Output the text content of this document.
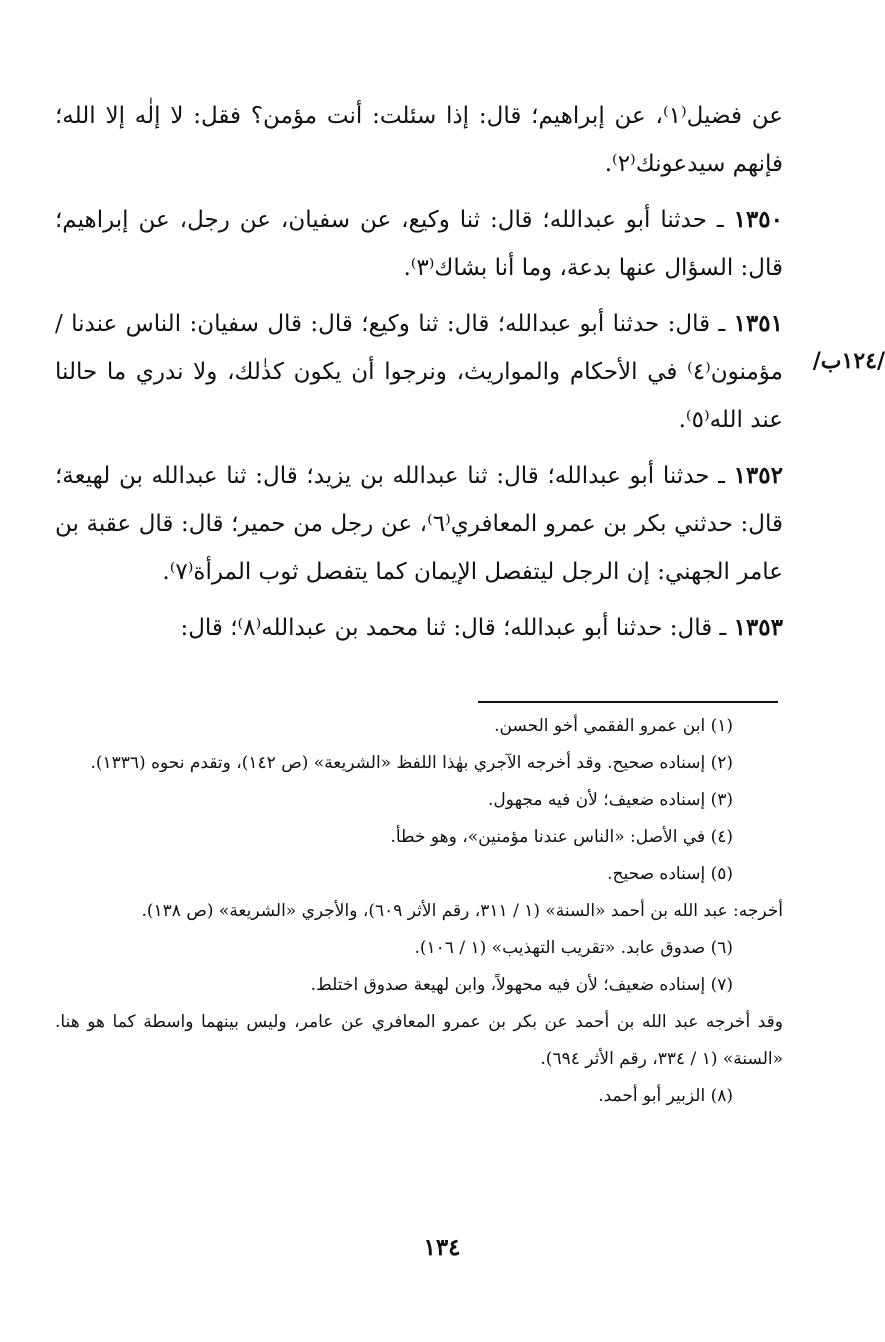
عن فضيل⁽١⁾، عن إبراهيم؛ قال: إذا سئلت: أنت مؤمن؟ فقل: لا إلٰه إلا الله؛ فإنهم سيدعونك⁽٢⁾.

١٣٥٠ ـ حدثنا أبو عبدالله؛ قال: ثنا وكيع، عن سفيان، عن رجل، عن إبراهيم؛ قال: السؤال عنها بدعة، وما أنا بشاك⁽٣⁾.

١٣٥١ ـ قال: حدثنا أبو عبدالله؛ قال: ثنا وكيع؛ قال: قال سفيان: الناس عندنا / مؤمنون⁽٤⁾ في الأحكام والمواريث، ونرجوا أن يكون كذٰلك، ولا ندري ما حالنا عند الله⁽٥⁾.

١٣٥٢ ـ حدثنا أبو عبدالله؛ قال: ثنا عبدالله بن يزيد؛ قال: ثنا عبدالله بن لهيعة؛ قال: حدثني بكر بن عمرو المعافري⁽٦⁾، عن رجل من حمير؛ قال: قال عقبة بن عامر الجهني: إن الرجل ليتفصل الإيمان كما يتفصل ثوب المرأة⁽٧⁾.

١٣٥٣ ـ قال: حدثنا أبو عبدالله؛ قال: ثنا محمد بن عبدالله⁽٨⁾؛ قال:

/١٢٤ب/

(١) ابن عمرو الفقمي أخو الحسن.

(٢) إسناده صحيح. وقد أخرجه الآجري بهٰذا اللفظ «الشريعة» (ص ١٤٢)، وتقدم نحوه (١٣٣٦).

(٣) إسناده ضعيف؛ لأن فيه مجهول.

(٤) في الأصل: «الناس عندنا مؤمنين»، وهو خطأ.

(٥) إسناده صحيح.

أخرجه: عبد الله بن أحمد «السنة» (١ / ٣١١، رقم الأثر ٦٠٩)، والأجري «الشريعة» (ص ١٣٨).

(٦) صدوق عابد. «تقريب التهذيب» (١ / ١٠٦).

(٧) إسناده ضعيف؛ لأن فيه محهولاً، وابن لهيعة صدوق اختلط.

وقد أخرجه عبد الله بن أحمد عن بكر بن عمرو المعافري عن عامر، وليس بينهما واسطة كما هو هنا. «السنة» (١ / ٣٣٤، رقم الأثر ٦٩٤).

(٨) الزبير أبو أحمد.

١٣٤
